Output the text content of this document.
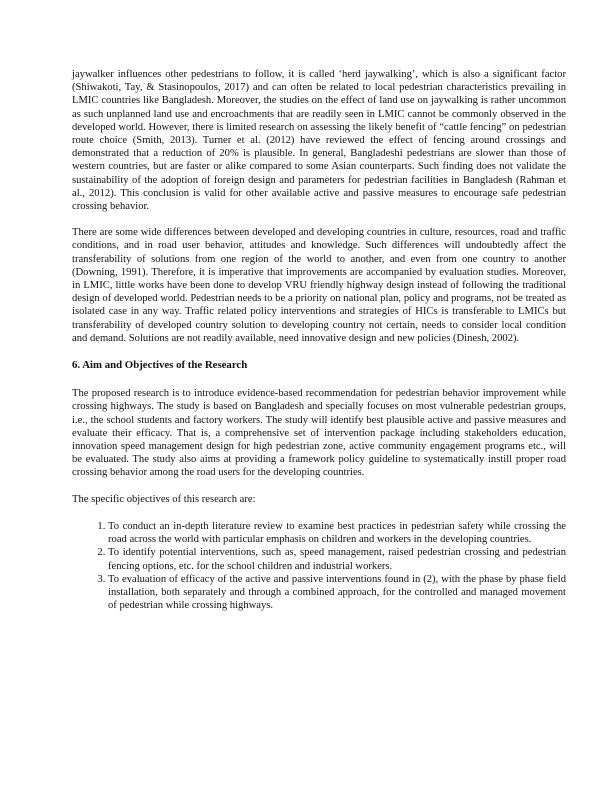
jaywalker influences other pedestrians to follow, it is called ‘herd jaywalking’, which is also a significant factor (Shiwakoti, Tay, & Stasinopoulos, 2017) and can often be related to local pedestrian characteristics prevailing in LMIC countries like Bangladesh. Moreover, the studies on the effect of land use on jaywalking is rather uncommon as such unplanned land use and encroachments that are readily seen in LMIC cannot be commonly observed in the developed world. However, there is limited research on assessing the likely benefit of “cattle fencing” on pedestrian route choice (Smith, 2013). Turner et al. (2012) have reviewed the effect of fencing around crossings and demonstrated that a reduction of 20% is plausible. In general, Bangladeshi pedestrians are slower than those of western countries, but are faster or alike compared to some Asian counterparts. Such finding does not validate the sustainability of the adoption of foreign design and parameters for pedestrian facilities in Bangladesh (Rahman et al., 2012). This conclusion is valid for other available active and passive measures to encourage safe pedestrian crossing behavior.

There are some wide differences between developed and developing countries in culture, resources, road and traffic conditions, and in road user behavior, attitudes and knowledge. Such differences will undoubtedly affect the transferability of solutions from one region of the world to another, and even from one country to another (Downing, 1991). Therefore, it is imperative that improvements are accompanied by evaluation studies. Moreover, in LMIC, little works have been done to develop VRU friendly highway design instead of following the traditional design of developed world. Pedestrian needs to be a priority on national plan, policy and programs, not be treated as isolated case in any way. Traffic related policy interventions and strategies of HICs is transferable to LMICs but transferability of developed country solution to developing country not certain, needs to consider local condition and demand. Solutions are not readily available, need innovative design and new policies (Dinesh, 2002).

6. Aim and Objectives of the Research

The proposed research is to introduce evidence-based recommendation for pedestrian behavior improvement while crossing highways. The study is based on Bangladesh and specially focuses on most vulnerable pedestrian groups, i.e., the school students and factory workers. The study will identify best plausible active and passive measures and evaluate their efficacy. That is, a comprehensive set of intervention package including stakeholders education, innovation speed management design for high pedestrian zone, active community engagement programs etc., will be evaluated. The study also aims at providing a framework policy guideline to systematically instill proper road crossing behavior among the road users for the developing countries.

The specific objectives of this research are:

1. To conduct an in-depth literature review to examine best practices in pedestrian safety while crossing the road across the world with particular emphasis on children and workers in the developing countries.
2. To identify potential interventions, such as, speed management, raised pedestrian crossing and pedestrian fencing options, etc. for the school children and industrial workers.
3. To evaluation of efficacy of the active and passive interventions found in (2), with the phase by phase field installation, both separately and through a combined approach, for the controlled and managed movement of pedestrian while crossing highways.
